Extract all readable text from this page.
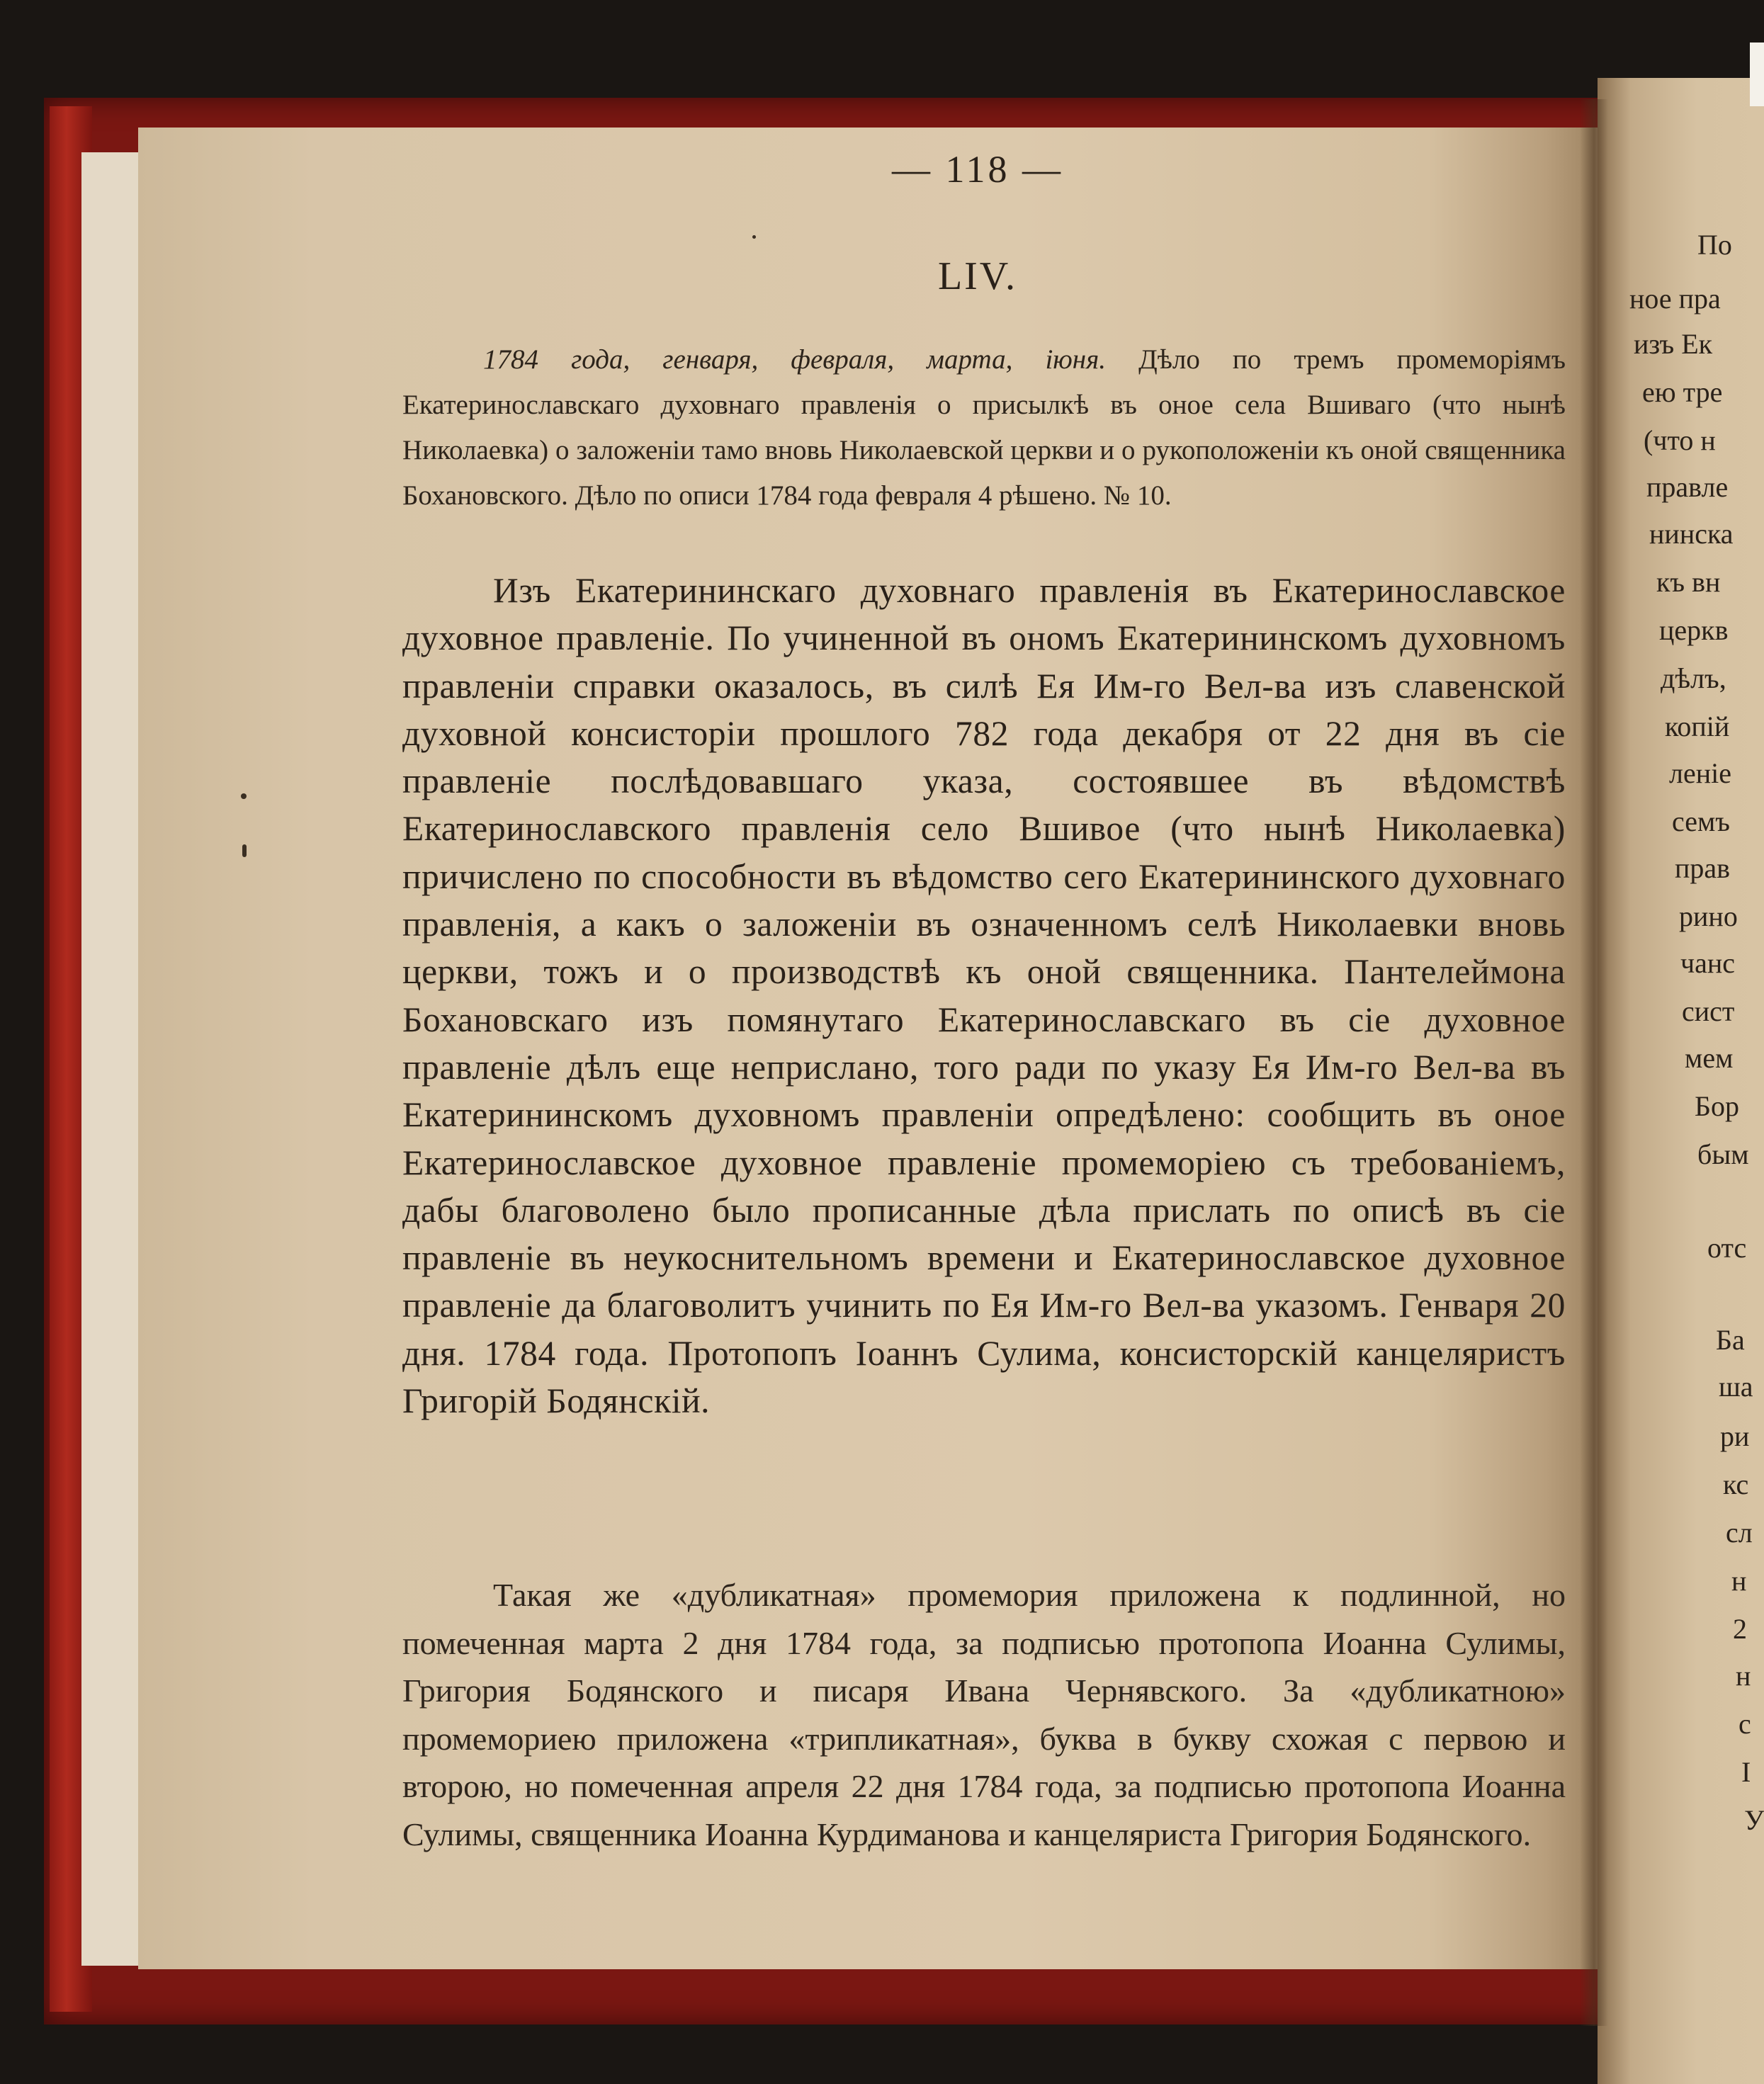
— 118 —
LIV.

1784 года, генваря, февраля, марта, іюня. Дѣло по тремъ промеморіямъ Екатеринославскаго духовнаго правленія о присылкѣ въ оное села Вшиваго (что нынѣ Николаевка) о заложеніи тамо вновь Николаевской церкви и о рукоположеніи къ оной священника Бохановского. Дѣло по описи 1784 года февраля 4 рѣшено. № 10.

Изъ Екатерининскаго духовнаго правленія въ Екатеринославское духовное правленіе. По учиненной въ ономъ Екатерининскомъ духовномъ правленіи справки оказалось, въ силѣ Ея Им-го Вел-ва изъ славенской духовной консисторіи прошлого 782 года декабря от 22 дня въ сіе правленіе послѣдовавшаго указа, состоявшее въ вѣдомствѣ Екатеринославского правленія село Вшивое (что нынѣ Николаевка) причислено по способности въ вѣдомство сего Екатерининского духовнаго правленія, а какъ о заложеніи въ означенномъ селѣ Николаевки вновь церкви, тожъ и о производствѣ къ оной священника. Пантелеймона Бохановскаго изъ помянутаго Екатеринославскаго въ сіе духовное правленіе дѣлъ еще неприслано, того ради по указу Ея Им-го Вел-ва въ Екатерининскомъ духовномъ правленіи опредѣлено: сообщить въ оное Екатеринославское духовное правленіе промеморіею съ требованіемъ, дабы благоволено было прописанные дѣла прислать по описѣ въ сіе правленіе въ неукоснительномъ времени и Екатеринославское духовное правленіе да благоволитъ учинить по Ея Им-го Вел-ва указомъ. Генваря 20 дня. 1784 года. Протопопъ Іоаннъ Сулима, консисторскій канцеляристъ Григорій Бодянскій.

Такая же «дубликатная» промемория приложена к подлинной, но помеченная марта 2 дня 1784 года, за подписью протопопа Иоанна Сулимы, Григория Бодянского и писаря Ивана Чернявского. За «дубликатною» промемориею приложена «трипликатная», буква в букву схожая с первою и второю, но помеченная апреля 22 дня 1784 года, за подписью протопопа Иоанна Сулимы, священника Иоанна Курдиманова и канцеляриста Григория Бодянского.

По
ное пра
изъ Ек
ею тре
(что н
правле
нинска
къ вн
церкв
дѣлъ,
копій
леніе
семъ
прав
рино
чанс
сист
мем
Бор
бым
отс
Ба
ша
ри
кс
сл
н
2
н
с
І
У
